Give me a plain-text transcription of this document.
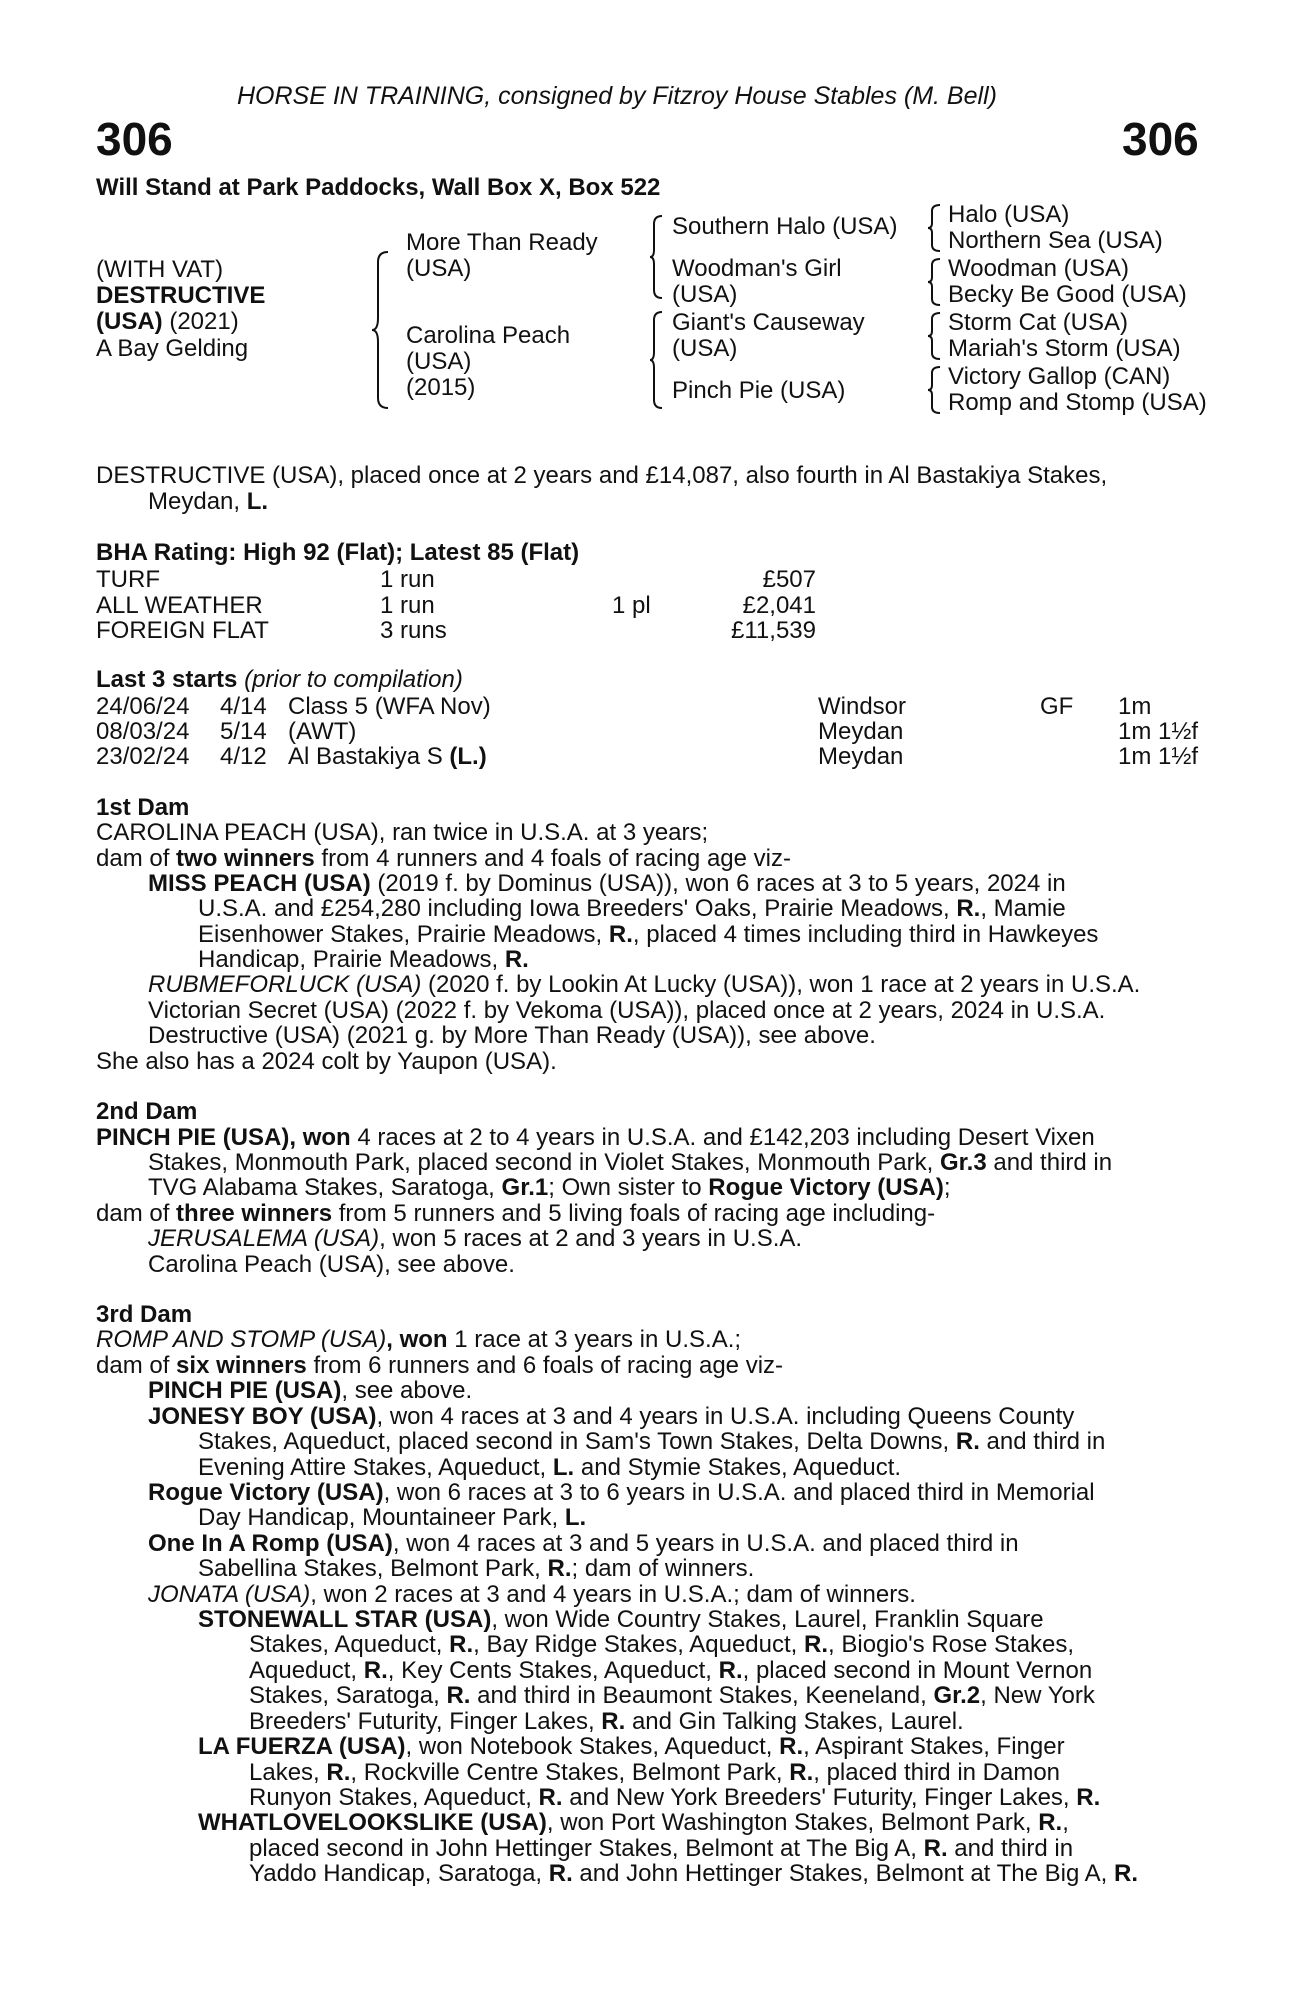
HORSE IN TRAINING, consigned by Fitzroy House Stables (M. Bell)
306	306
Will Stand at Park Paddocks, Wall Box X, Box 522
(WITH VAT)
DESTRUCTIVE
(USA) (2021)
A Bay Gelding
More Than Ready
(USA)
Carolina Peach
(USA)
(2015)
Southern Halo (USA)
Woodman's Girl
(USA)
Giant's Causeway
(USA)
Pinch Pie (USA)
Halo (USA)
Northern Sea (USA)
Woodman (USA)
Becky Be Good (USA)
Storm Cat (USA)
Mariah's Storm (USA)
Victory Gallop (CAN)
Romp and Stomp (USA)
DESTRUCTIVE (USA), placed once at 2 years and £14,087, also fourth in Al Bastakiya Stakes,
Meydan, L.
BHA Rating: High 92 (Flat); Latest 85 (Flat)
TURF	1 run	£507
ALL WEATHER	1 run	1 pl	£2,041
FOREIGN FLAT	3 runs	£11,539
Last 3 starts (prior to compilation)
24/06/24 4/14 Class 5 (WFA Nov)	Windsor	GF 1m
08/03/24 5/14 (AWT)	Meydan	1m 1½f
23/02/24 4/12 Al Bastakiya S (L.)	Meydan	1m 1½f
1st Dam
CAROLINA PEACH (USA), ran twice in U.S.A. at 3 years;
dam of two winners from 4 runners and 4 foals of racing age viz-
MISS PEACH (USA) (2019 f. by Dominus (USA)), won 6 races at 3 to 5 years, 2024 in
U.S.A. and £254,280 including Iowa Breeders' Oaks, Prairie Meadows, R., Mamie
Eisenhower Stakes, Prairie Meadows, R., placed 4 times including third in Hawkeyes
Handicap, Prairie Meadows, R.
RUBMEFORLUCK (USA) (2020 f. by Lookin At Lucky (USA)), won 1 race at 2 years in U.S.A.
Victorian Secret (USA) (2022 f. by Vekoma (USA)), placed once at 2 years, 2024 in U.S.A.
Destructive (USA) (2021 g. by More Than Ready (USA)), see above.
She also has a 2024 colt by Yaupon (USA).
2nd Dam
PINCH PIE (USA), won 4 races at 2 to 4 years in U.S.A. and £142,203 including Desert Vixen
Stakes, Monmouth Park, placed second in Violet Stakes, Monmouth Park, Gr.3 and third in
TVG Alabama Stakes, Saratoga, Gr.1; Own sister to Rogue Victory (USA);
dam of three winners from 5 runners and 5 living foals of racing age including-
JERUSALEMA (USA), won 5 races at 2 and 3 years in U.S.A.
Carolina Peach (USA), see above.
3rd Dam
ROMP AND STOMP (USA), won 1 race at 3 years in U.S.A.;
dam of six winners from 6 runners and 6 foals of racing age viz-
PINCH PIE (USA), see above.
JONESY BOY (USA), won 4 races at 3 and 4 years in U.S.A. including Queens County
Stakes, Aqueduct, placed second in Sam's Town Stakes, Delta Downs, R. and third in
Evening Attire Stakes, Aqueduct, L. and Stymie Stakes, Aqueduct.
Rogue Victory (USA), won 6 races at 3 to 6 years in U.S.A. and placed third in Memorial
Day Handicap, Mountaineer Park, L.
One In A Romp (USA), won 4 races at 3 and 5 years in U.S.A. and placed third in
Sabellina Stakes, Belmont Park, R.; dam of winners.
JONATA (USA), won 2 races at 3 and 4 years in U.S.A.; dam of winners.
STONEWALL STAR (USA), won Wide Country Stakes, Laurel, Franklin Square
Stakes, Aqueduct, R., Bay Ridge Stakes, Aqueduct, R., Biogio's Rose Stakes,
Aqueduct, R., Key Cents Stakes, Aqueduct, R., placed second in Mount Vernon
Stakes, Saratoga, R. and third in Beaumont Stakes, Keeneland, Gr.2, New York
Breeders' Futurity, Finger Lakes, R. and Gin Talking Stakes, Laurel.
LA FUERZA (USA), won Notebook Stakes, Aqueduct, R., Aspirant Stakes, Finger
Lakes, R., Rockville Centre Stakes, Belmont Park, R., placed third in Damon
Runyon Stakes, Aqueduct, R. and New York Breeders' Futurity, Finger Lakes, R.
WHATLOVELOOKSLIKE (USA), won Port Washington Stakes, Belmont Park, R.,
placed second in John Hettinger Stakes, Belmont at The Big A, R. and third in
Yaddo Handicap, Saratoga, R. and John Hettinger Stakes, Belmont at The Big A, R.
